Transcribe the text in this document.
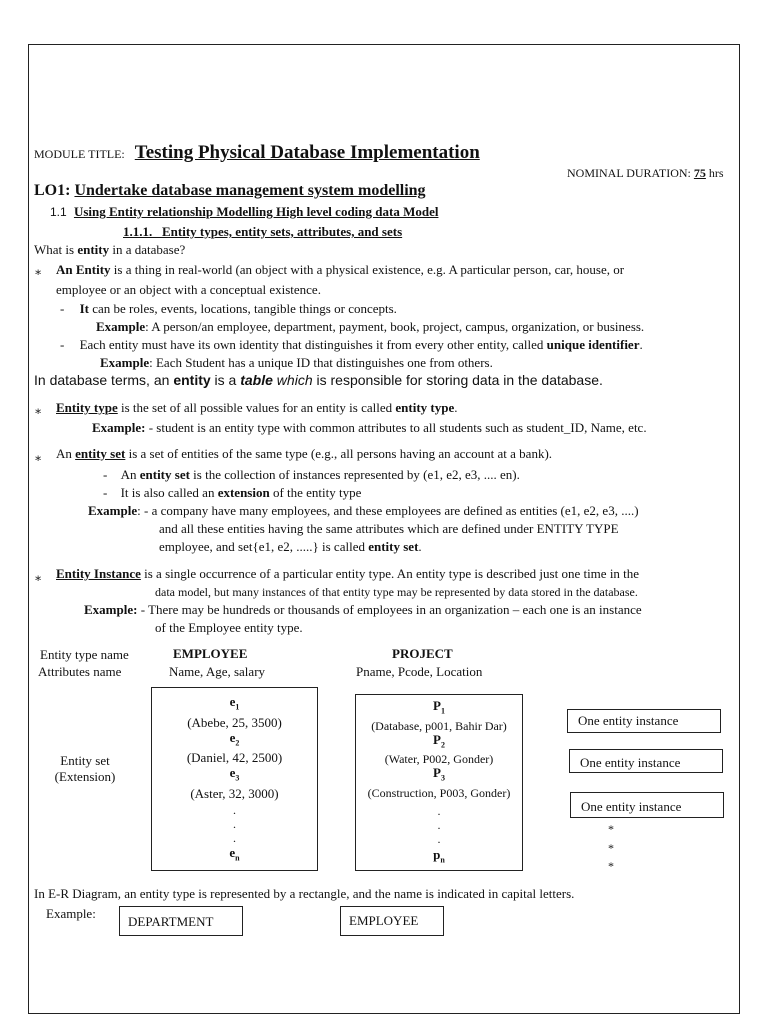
MODULE TITLE: Testing Physical Database Implementation
NOMINAL DURATION: 75 hrs
LO1: Undertake database management system modelling
1.1 Using Entity relationship Modelling High level coding data Model
1.1.1.   Entity types, entity sets, attributes, and sets
What is entity in a database?
∗ An Entity is a thing in real-world (an object with a physical existence, e.g. A particular person, car, house, or
employee or an object with a conceptual existence.
- It can be roles, events, locations, tangible things or concepts.
Example: A person/an employee, department, payment, book, project, campus, organization, or business.
- Each entity must have its own identity that distinguishes it from every other entity, called unique identifier.
Example: Each Student has a unique ID that distinguishes one from others.
In database terms, an entity is a table which is responsible for storing data in the database.
∗ Entity type is the set of all possible values for an entity is called entity type.
Example: - student is an entity type with common attributes to all students such as student_ID, Name, etc.
∗ An entity set is a set of entities of the same type (e.g., all persons having an account at a bank).
- An entity set is the collection of instances represented by (e1, e2, e3, .... en).
- It is also called an extension of the entity type
Example: - a company have many employees, and these employees are defined as entities (e1, e2, e3, ....)
and all these entities having the same attributes which are defined under ENTITY TYPE
employee, and set{e1, e2, .....} is called entity set.
∗ Entity Instance is a single occurrence of a particular entity type. An entity type is described just one time in the
data model, but many instances of that entity type may be represented by data stored in the database.
Example: - There may be hundreds or thousands of employees in an organization – each one is an instance
of the Employee entity type.
Entity type name
Attributes name
EMPLOYEE
Name, Age, salary
PROJECT
Pname, Pcode, Location
Entity set
(Extension)
$e_1$
(Abebe, 25, 3500)
$e_2$
(Daniel, 42, 2500)
$e_3$
(Aster, 32, 3000)
.
.
.
$e_n$
$P_1$
(Database, p001, Bahir Dar)
$P_2$
(Water, P002, Gonder)
$P_3$
(Construction, P003, Gonder)
.
.
.
$p_n$
One entity instance
One entity instance
One entity instance
*
*
*
In E-R Diagram, an entity type is represented by a rectangle, and the name is indicated in capital letters.
Example:
DEPARTMENT	EMPLOYEE
